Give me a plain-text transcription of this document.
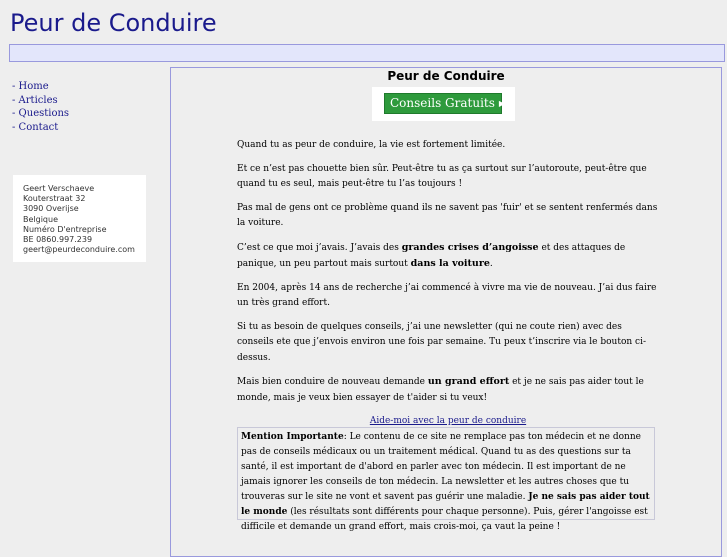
Peur de Conduire
- Home
- Articles
- Questions
- Contact
Geert Verschaeve
Kouterstraat 32
3090 Overijse
Belgique
Numéro D'entreprise
BE 0860.997.239
geert@peurdeconduire.com
Peur de Conduire
Conseils Gratuits ▶

Quand tu as peur de conduire, la vie est fortement limitée.

Et ce n’est pas chouette bien sûr. Peut-être tu as ça surtout sur l’autoroute, peut-être que quand tu es seul, mais peut-être tu l’as toujours !

Pas mal de gens ont ce problème quand ils ne savent pas 'fuir' et se sentent renfermés dans la voiture.

C’est ce que moi j’avais. J’avais des grandes crises d’angoisse et des attaques de panique, un peu partout mais surtout dans la voiture.

En 2004, après 14 ans de recherche j’ai commencé à vivre ma vie de nouveau. J’ai dus faire un très grand effort.

Si tu as besoin de quelques conseils, j’ai une newsletter (qui ne coute rien) avec des conseils ete que j’envois environ une fois par semaine. Tu peux t’inscrire via le bouton ci-dessus.

Mais bien conduire de nouveau demande un grand effort et je ne sais pas aider tout le monde, mais je veux bien essayer de t'aider si tu veux!

Aide-moi avec la peur de conduire
Mention Importante: Le contenu de ce site ne remplace pas ton médecin et ne donne pas de conseils médicaux ou un traitement médical. Quand tu as des questions sur ta santé, il est important de d'abord en parler avec ton médecin. Il est important de ne jamais ignorer les conseils de ton médecin. La newsletter et les autres choses que tu trouveras sur le site ne vont et savent pas guérir une maladie. Je ne sais pas aider tout le monde (les résultats sont différents pour chaque personne). Puis, gérer l'angoisse est difficile et demande un grand effort, mais crois-moi, ça vaut la peine !
